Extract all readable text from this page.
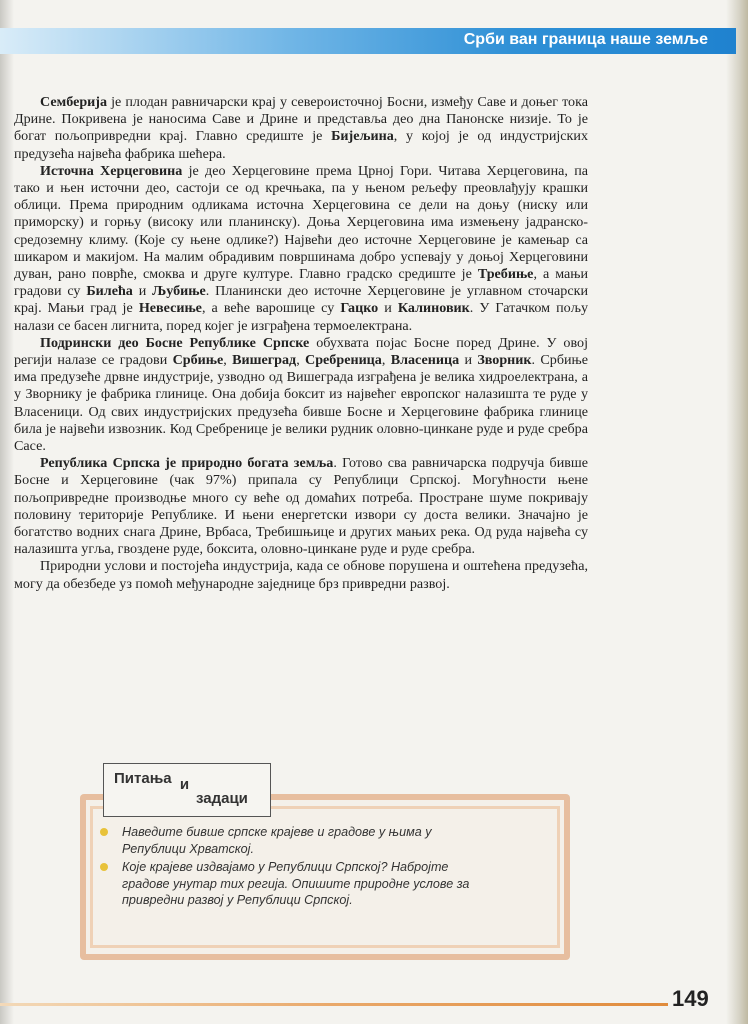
Срби ван граница наше земље

Семберија је плодан равничарски крај у североисточној Босни, између Саве и доњег тока Дрине. Покривена је наносима Саве и Дрине и представља део дна Панонске низије. То је богат пољопривредни крај. Главно средиште је Бијељина, у којој је од индустријских предузећа највећа фабрика шећера.

Источна Херцеговина је део Херцеговине према Црној Гори. Читава Херцеговина, па тако и њен источни део, састоји се од кречњака, па у њеном рељефу преовлађују крашки облици. Према природним одликама источна Херцеговина се дели на доњу (ниску или приморску) и горњу (високу или планинску). Доња Херцеговина има измењену јадранско-средоземну климу. (Које су њене одлике?) Највећи део источне Херцеговине је камењар са шикаром и макијом. На малим обрадивим површинама добро успевају у доњој Херцеговини дуван, рано поврће, смоква и друге културе. Главно градско средиште је Требиње, а мањи градови су Билећа и Љубиње. Планински део источне Херцеговине је углавном сточарски крај. Мањи град је Невесиње, а веће варошице су Гацко и Калиновик. У Гатачком пољу налази се басен лигнита, поред којег је изграђена термоелектрана.

Подрински део Босне Републике Српске обухвата појас Босне поред Дрине. У овој регији налазе се градови Србиње, Вишеград, Сребреница, Власеница и Зворник. Србиње има предузеће дрвне индустрије, узводно од Вишеграда изграђена је велика хидроелектрана, а у Зворнику је фабрика глинице. Она добија боксит из највећег европског налазишта те руде у Власеници. Од свих индустријских предузећа бивше Босне и Херцеговине фабрика глинице била је највећи извозник. Код Сребренице је велики рудник оловно-цинкане руде и руде сребра Сасе.

Република Српска је природно богата земља. Готово сва равничарска подручја бивше Босне и Херцеговине (чак 97%) припала су Републици Српској. Могућности њене пољопривредне производње много су веће од домаћих потреба. Простране шуме покривају половину територије Републике. И њени енергетски извори су доста велики. Значајно је богатство водних снага Дрине, Врбаса, Требишњице и других мањих река. Од руда највећа су налазишта угља, гвоздене руде, боксита, оловно-цинкане руде и руде сребра.

Природни услови и постојећа индустрија, када се обнове порушена и оштећена предузећа, могу да обезбеде уз помоћ међународне заједнице брз привредни развој.

Питања и
задаци
Наведите бивше српске крајеве и градове у њима у Републици Хрватској.
Које крајеве издвајамо у Републици Српској? Набројте градове унутар тих регија. Опишите природне услове за привредни развој у Републици Српској.
149
